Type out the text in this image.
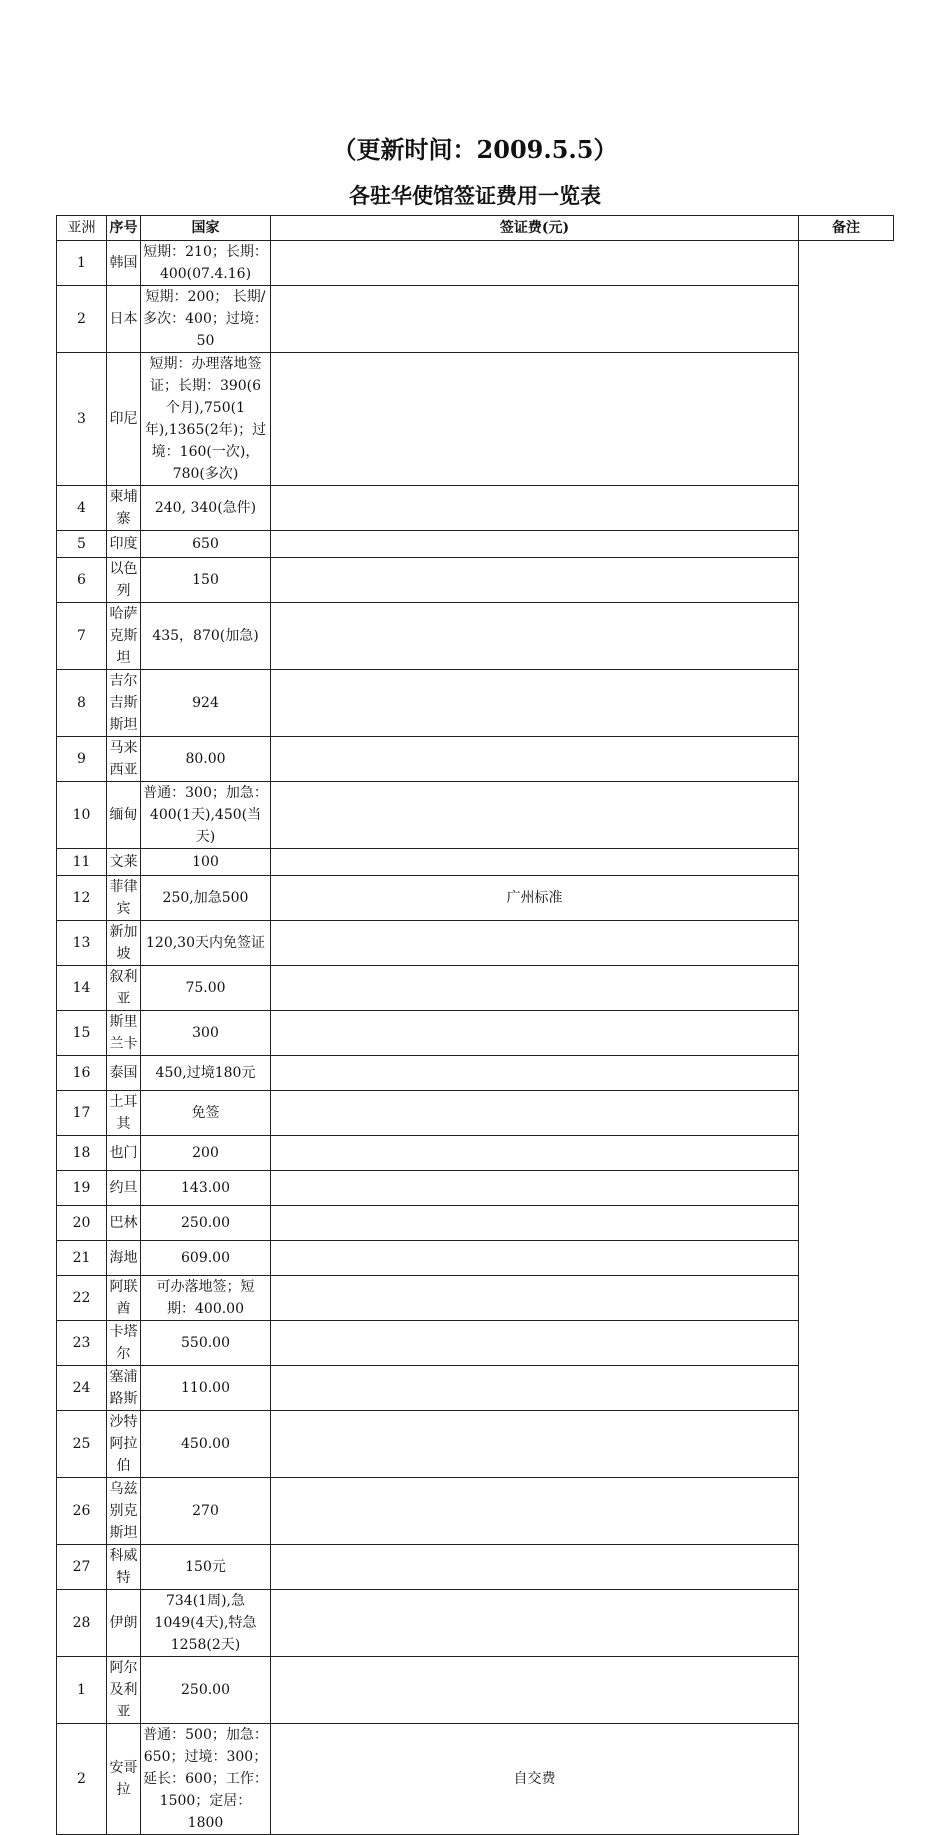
（更新时间：2009.5.5）
各驻华使馆签证费用一览表
亚洲	序号	国家	签证费(元)	备注
1	韩国	短期：210；长期：400(07.4.16)		
2	日本	短期：200； 长期/多次：400；过境：50		
3	印尼	短期：办理落地签证；长期：390(6个月),750(1年),1365(2年)；过境：160(一次)，780(多次)		
4	柬埔寨	240, 340(急件)		
5	印度	650		
6	以色列	150		
7	哈萨克斯坦	435，870(加急)		
8	吉尔吉斯斯坦	924		
9	马来西亚	80.00		
10	缅甸	普通：300；加急：400(1天),450(当天)		
11	文莱	100		
12	菲律宾	250,加急500	广州标准	
13	新加坡	120,30天内免签证		
14	叙利亚	75.00		
15	斯里兰卡	300		
16	泰国	450,过境180元		
17	土耳其	免签		
18	也门	200		
19	约旦	143.00		
20	巴林	250.00		
21	海地	609.00		
22	阿联酋	可办落地签；短期：400.00		
23	卡塔尔	550.00		
24	塞浦路斯	110.00		
25	沙特阿拉伯	450.00		
26	乌兹别克斯坦	270		
27	科威特	150元		
28	伊朗	734(1周),急1049(4天),特急1258(2天)		
1	阿尔及利亚	250.00		
2	安哥拉	普通：500；加急：650；过境：300；延长：600；工作：1500；定居：1800	自交费	
